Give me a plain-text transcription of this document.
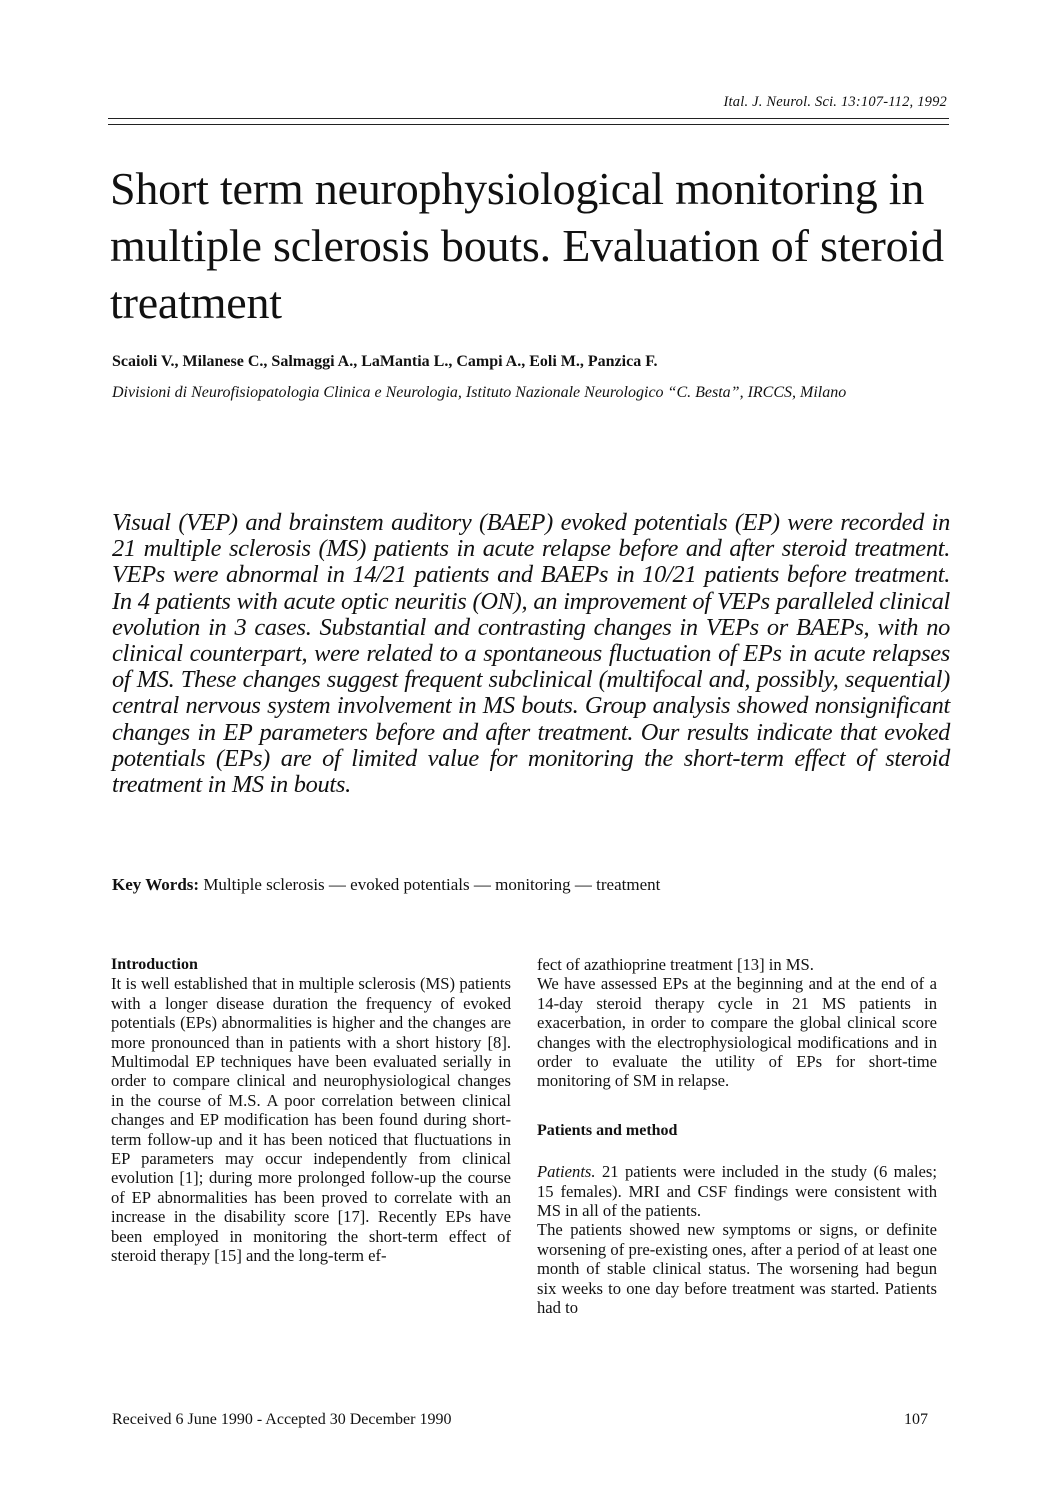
Ital. J. Neurol. Sci. 13:107-112, 1992
Short term neurophysiological monitoring in multiple sclerosis bouts. Evaluation of steroid treatment
Scaioli V., Milanese C., Salmaggi A., LaMantia L., Campi A., Eoli M., Panzica F.

Divisioni di Neurofisiopatologia Clinica e Neurologia, Istituto Nazionale Neurologico “C. Besta”, IRCCS, Milano

Visual (VEP) and brainstem auditory (BAEP) evoked potentials (EP) were recorded in 21 multiple sclerosis (MS) patients in acute relapse before and after steroid treatment. VEPs were abnormal in 14/21 patients and BAEPs in 10/21 patients before treatment. In 4 patients with acute optic neuritis (ON), an improvement of VEPs paralleled clinical evolution in 3 cases. Substantial and contrasting changes in VEPs or BAEPs, with no clinical counterpart, were related to a spontaneous fluctuation of EPs in acute relapses of MS. These changes suggest frequent subclinical (multifocal and, possibly, sequential) central nervous system involvement in MS bouts. Group analysis showed nonsignificant changes in EP parameters before and after treatment. Our results indicate that evoked potentials (EPs) are of limited value for monitoring the short-term effect of steroid treatment in MS in bouts.

Key Words: Multiple sclerosis — evoked potentials — monitoring — treatment

Introduction

It is well established that in multiple sclerosis (MS) patients with a longer disease duration the frequency of evoked potentials (EPs) abnormalities is higher and the changes are more pronounced than in patients with a short history [8]. Multimodal EP techniques have been evaluated serially in order to compare clinical and neurophysiological changes in the course of M.S. A poor correlation between clinical changes and EP modification has been found during short-term follow-up and it has been noticed that fluctuations in EP parameters may occur independently from clinical evolution [1]; during more prolonged follow-up the course of EP abnormalities has been proved to correlate with an increase in the disability score [17]. Recently EPs have been employed in monitoring the short-term effect of steroid therapy [15] and the long-term ef-

fect of azathioprine treatment [13] in MS.

We have assessed EPs at the beginning and at the end of a 14-day steroid therapy cycle in 21 MS patients in exacerbation, in order to compare the global clinical score changes with the electrophysiological modifications and in order to evaluate the utility of EPs for short-time monitoring of SM in relapse.

Patients and method

Patients. 21 patients were included in the study (6 males; 15 females). MRI and CSF findings were consistent with MS in all of the patients.

The patients showed new symptoms or signs, or definite worsening of pre-existing ones, after a period of at least one month of stable clinical status. The worsening had begun six weeks to one day before treatment was started. Patients had to

Received 6 June 1990 - Accepted 30 December 1990	107
